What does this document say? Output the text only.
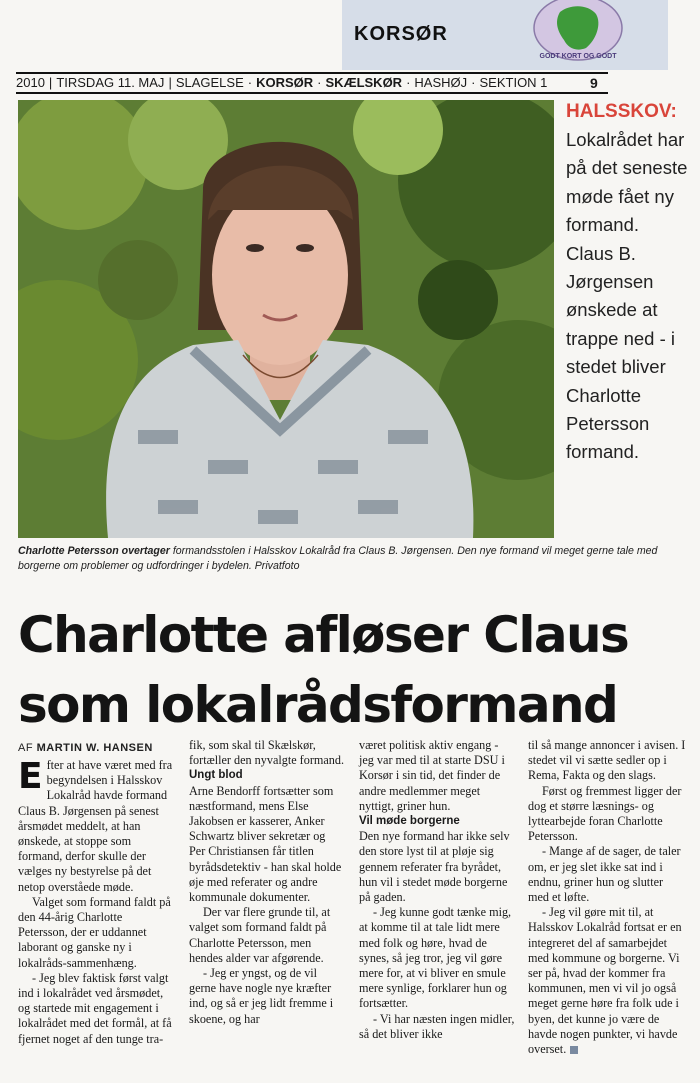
KORSØR
GODT KORT OG GODT
2010 | TIRSDAG 11. MAJ | SLAGELSE · KORSØR · SKÆLSKØR · HASHØJ · SEKTION 1	9
HALSSKOV:
Lokalrådet har på det seneste møde fået ny formand. Claus B. Jørgensen ønskede at trappe ned - i stedet bliver Charlotte Petersson formand.
Charlotte Petersson overtager formandsstolen i Halsskov Lokalråd fra Claus B. Jørgensen. Den nye formand vil meget gerne tale med borgerne om problemer og udfordringer i bydelen. Privatfoto
Charlotte afløser Claus
som lokalrådsformand
AF MARTIN W. HANSEN

Efter at have været med fra begyndelsen i Halsskov Lokalråd havde formand Claus B. Jørgensen på senest årsmødet meddelt, at han ønskede, at stoppe som formand, derfor skulle der vælges ny bestyrelse på det netop overståede møde.

Valget som formand faldt på den 44-årig Charlotte Petersson, der er uddannet laborant og ganske ny i lokalråds-sammenhæng.

- Jeg blev faktisk først valgt ind i lokalrådet ved årsmødet, og startede mit engagement i lokalrådet med det formål, at få fjernet noget af den tunge tra-

fik, som skal til Skælskør, fortæller den nyvalgte formand.

Ungt blod

Arne Bendorff fortsætter som næstformand, mens Else Jakobsen er kasserer, Anker Schwartz bliver sekretær og Per Christiansen får titlen byrådsdetektiv - han skal holde øje med referater og andre kommunale dokumenter.

Der var flere grunde til, at valget som formand faldt på Charlotte Petersson, men hendes alder var afgørende.

- Jeg er yngst, og de vil gerne have nogle nye kræfter ind, og så er jeg lidt fremme i skoene, og har

været politisk aktiv engang - jeg var med til at starte DSU i Korsør i sin tid, det finder de andre medlemmer meget nyttigt, griner hun.

Vil møde borgerne

Den nye formand har ikke selv den store lyst til at pløje sig gennem referater fra byrådet, hun vil i stedet møde borgerne på gaden.

- Jeg kunne godt tænke mig, at komme til at tale lidt mere med folk og høre, hvad de synes, så jeg tror, jeg vil gøre mere for, at vi bliver en smule mere synlige, forklarer hun og fortsætter.

- Vi har næsten ingen midler, så det bliver ikke

til så mange annoncer i avisen. I stedet vil vi sætte sedler op i Rema, Fakta og den slags.

Først og fremmest ligger der dog et større læsnings- og lyttearbejde foran Charlotte Petersson.

- Mange af de sager, de taler om, er jeg slet ikke sat ind i endnu, griner hun og slutter med et løfte.

- Jeg vil gøre mit til, at Halsskov Lokalråd fortsat er en integreret del af samarbejdet med kommune og borgerne. Vi ser på, hvad der kommer fra kommunen, men vi vil jo også meget gerne høre fra folk ude i byen, det kunne jo være de havde nogen punkter, vi havde overset.
